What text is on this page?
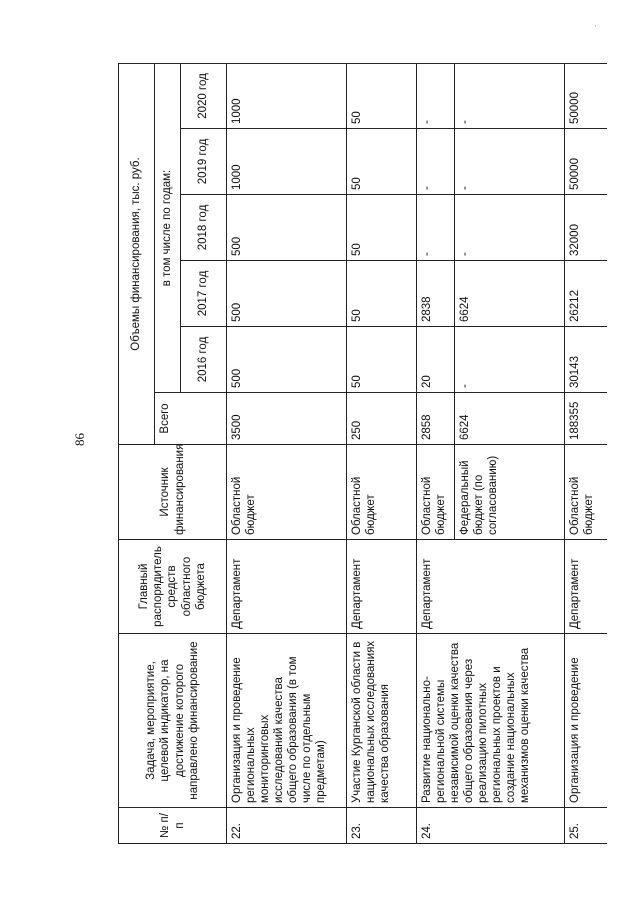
86
'
№ п/п	Задача, мероприятие, целевой индикатор, на достижение которого направлено финансирование	Главный распорядитель средств областного бюджета	Источник финансирования	Объемы финансирования, тыс. руб.					
				Всего	в том числе по годам:				
					2016 год	2017 год	2018 год	2019 год	2020 год
22.	Организация и проведение региональных мониторинговых исследований качества общего образования (в том числе по отдельным предметам)	Департамент	Областной бюджет	3500	500	500	500	1000	1000
23.	Участие Курганской области в национальных исследованиях качества образования	Департамент	Областной бюджет	250	50	50	50	50	50
24.	Развитие национально-региональной системы независимой оценки качества общего образования через реализацию пилотных региональных проектов и создание национальных механизмов оценки качества	Департамент	Областной бюджет	2858	20	2838	-	-	-
			Федеральный бюджет (по согласованию)	6624	-	6624	-	-	-
25.	Организация и проведение	Департамент	Областной бюджет	188355	30143	26212	32000	50000	50000
